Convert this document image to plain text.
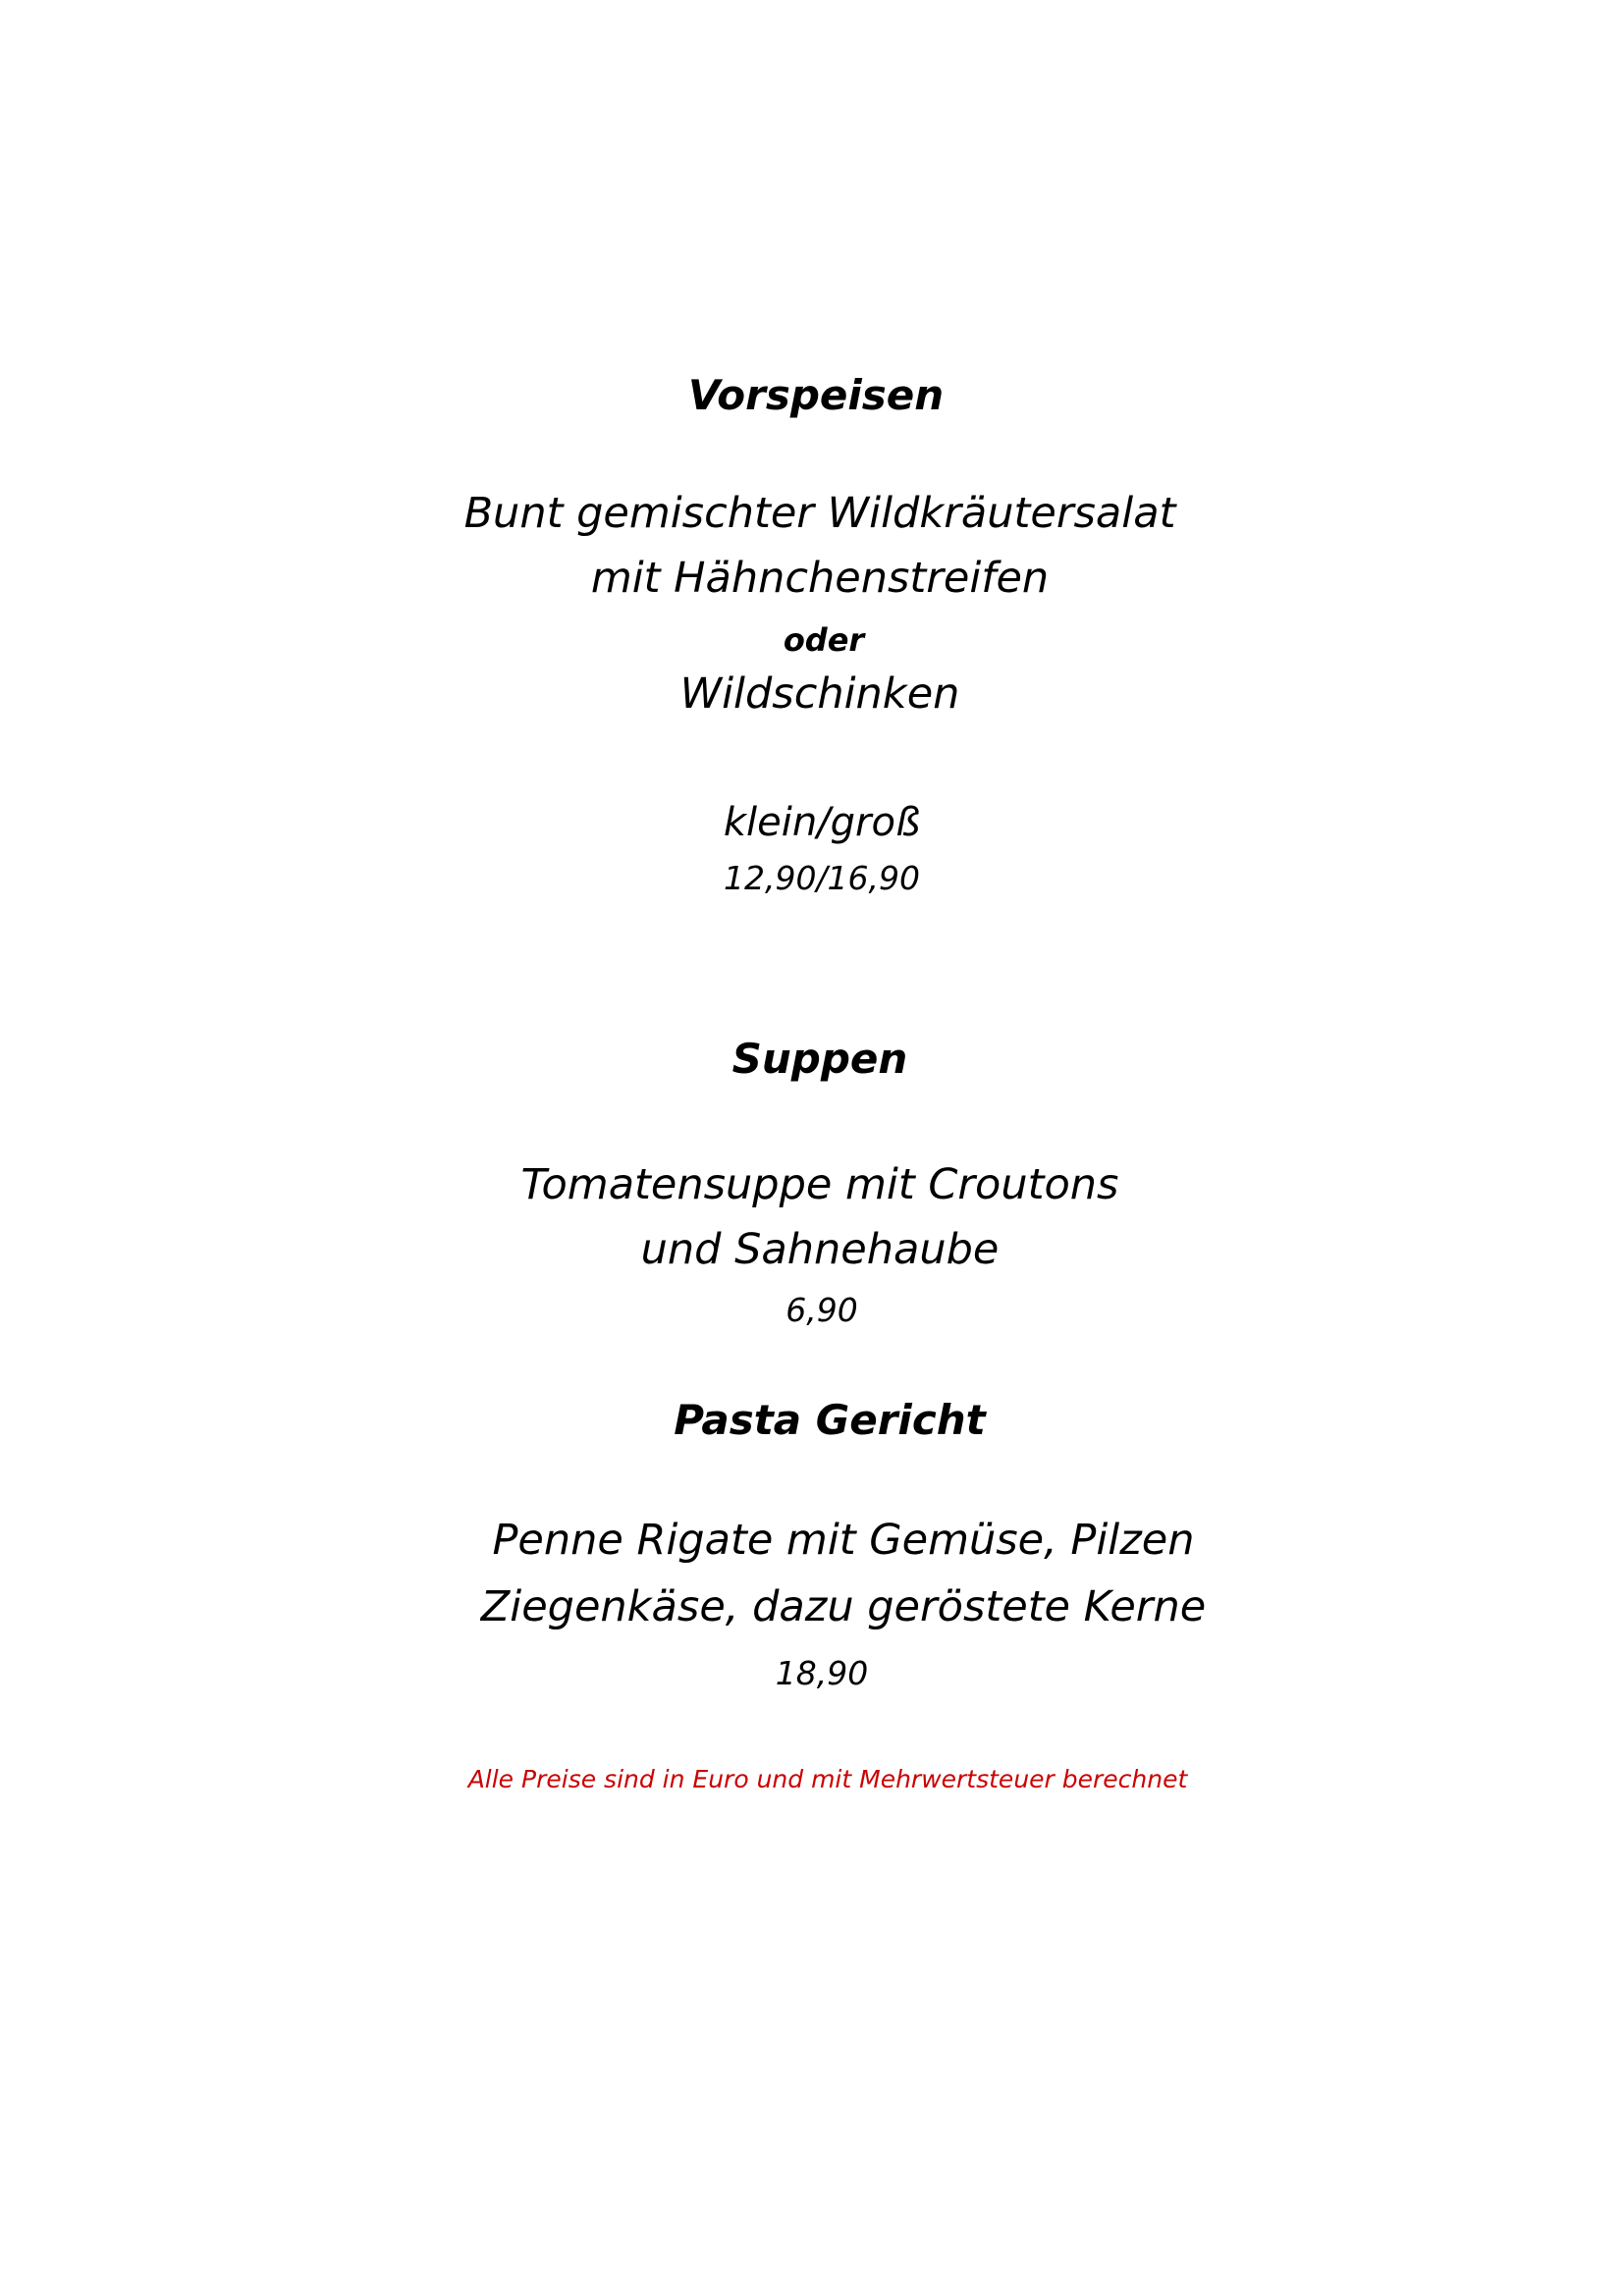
Vorspeisen
Bunt gemischter Wildkräutersalat
mit Hähnchenstreifen
oder
Wildschinken
klein/groß
12,90/16,90
Suppen
Tomatensuppe mit Croutons
und Sahnehaube
6,90
Pasta Gericht
Penne Rigate mit Gemüse, Pilzen
Ziegenkäse, dazu geröstete Kerne
18,90
Alle Preise sind in Euro und mit Mehrwertsteuer berechnet
